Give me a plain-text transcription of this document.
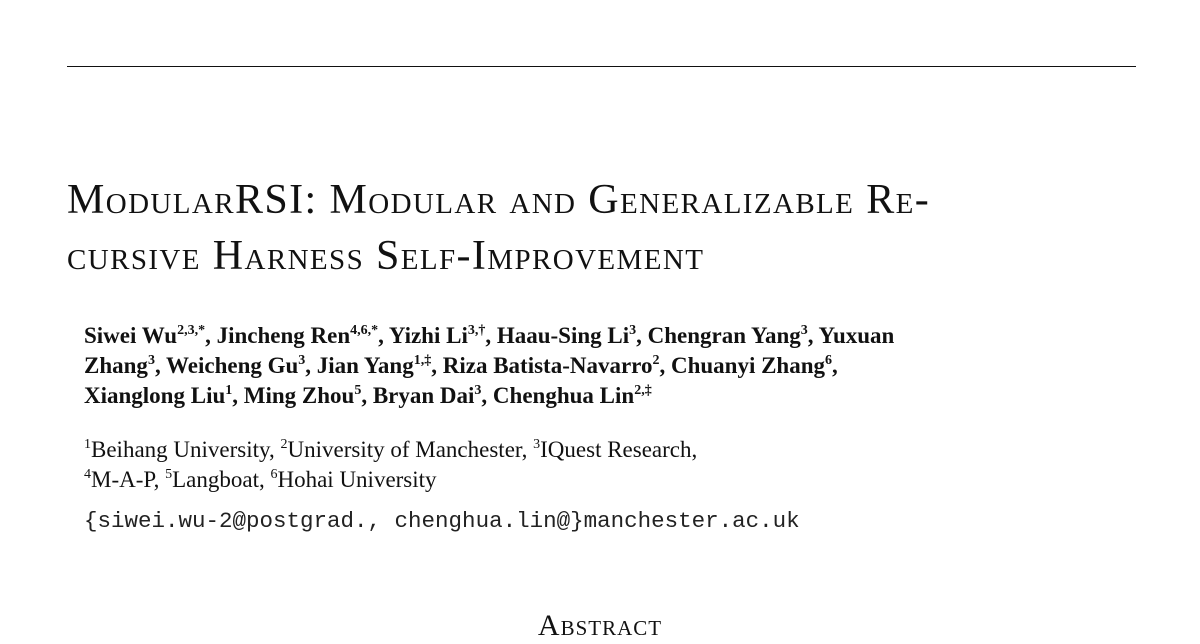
ModularRSI: Modular and Generalizable Re-
cursive Harness Self-Improvement
Siwei $Wu^{2,3,*}$, Jincheng Ren$^{4,6,*}$, Yizhi $Li^{3,\dagger}$, Haau-Sing Li$^3$, Chengran Yang$^3$, Yuxuan
Zhang$^3$, Weicheng Gu$^3$, Jian Yang$^{1,\ddagger}$, Riza Batista-Navarro$^2$, Chuanyi Zhang$^6$,
Xianglong Liu$^1$, Ming Zhou$^5$, Bryan Dai$^3$, Chenghua Lin$^{2,\ddagger}$
$^1$Beihang University, $^2$University of Manchester, $^3$IQuest Research,
$^4$M-A-P, $^5$Langboat, $^6$Hohai University
{siwei.wu-2@postgrad., chenghua.lin@}manchester.ac.uk
Abstract
